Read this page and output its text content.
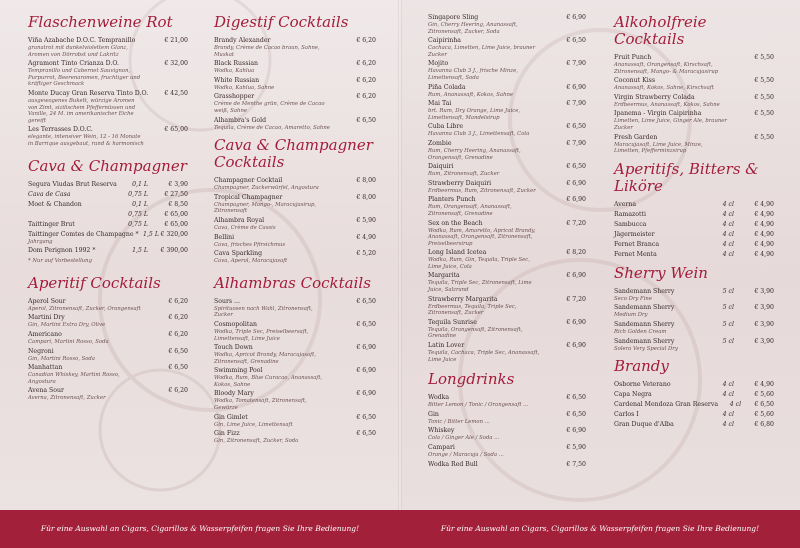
Flaschenweine Rot
Viña Azabache D.O.C. Tempranillo	€ 21,00
granatrot mit dunkelviolettem Glanz, Aromen von Dörrobst und Lakritz
Agramont Tinto Crianza D.O.	€ 32,00
Tempranillo und Cabernet Sauvignon, Purpurrot, Beerenaromen, fruchtiger und kräftiger Geschmack
Monte Ducay Gran Reserva Tinto D.O.	€ 42,50
ausgewogenes Bukett, würzige Aromen von Zimt, sizilischem Pfeffernüssen und Vanille, 24 M. im amerikanischer Eiche gereift
Les Terrasses D.O.C.	€ 65,00
elegante, intensiver Wein, 12 - 16 Monate in Barrique ausgebaut, rund & harmonisch
Cava & Champagner
Segura Viudas Brut Reserva	0,1 L	€ 3,90
Cava de Casa	0,75 L	€ 27,50
Moet & Chandon	0,1 L	€ 8,50
0,75 L	€ 65,00
Taittinger Brut	0,75 L	€ 65,00
Taittinger Comtes de Champagne * 1,5 L € 320,00
Jahrgang
Dom Perignon 1992 *	1,5 L	€ 390,00
* Nur auf Vorbestellung
Aperitif Cocktails
Aperol Sour	€ 6,20
Aperol, Zitronensaft, Zucker, Orangensaft
Martini Dry	€ 6,20
Gin, Martini Extra Dry, Olive
Americano	€ 6,20
Campari, Martini Rosso, Soda
Negroni	€ 6,50
Gin, Martini Rosso, Soda
Manhattan	€ 6,50
Canadian Whiskey, Martini Rosso, Angostura
Avena Sour	€ 6,20
Averna, Zitronensaft, Zucker
Digestif Cocktails
Brandy Alexander	€ 6,20
Brandy, Crème de Cacao braun, Sahne, Muskat
Black Russian	€ 6,20
Wodka, Kahlua
White Russian	€ 6,20
Wodka, Kahlua, Sahne
Grasshopper	€ 6,20
Crème de Menthe grün, Crème de Cacao weiß, Sahne
Alhambra's Gold	€ 6,50
Tequila, Crème de Cacao, Amaretto, Sahne
Cava & Champagner Cocktails
Champagner Cocktail	€ 8,00
Champagner, Zuckerwürfel, Angostura
Tropical Champagner	€ 8,00
Champagner, Mango-, Maracujasirup, Zitronensaft
Alhambra Royal	€ 5,90
Cava, Crème de Cassis
Bellini	€ 4,90
Cava, frisches Pfirsichmus
Cava Sparkling	€ 5,20
Cava, Aperol, Maracujasaft
Alhambras Cocktails
Sours ...	€ 6,50
Spirituosen nach Wahl, Zitronensaft, Zucker
Cosmopolitan	€ 6,50
Wodka, Triple Sec, Preiselbeersaft, Limettensaft, Lime Juice
Touch Down	€ 6,90
Wodka, Apricot Brandy, Maracujasaft, Zitronensaft, Grenadine
Swimming Pool	€ 6,90
Wodka, Rum, Blue Curacao, Ananassaft, Kokos, Sahne
Bloody Mary	€ 6,90
Wodka, Tomatensaft, Zitronensaft, Gewürze
Gin Gimlet	€ 6,50
Gin, Lime Juice, Limettensaft
Gin Fizz	€ 6,50
Gin, Zitronensaft, Zucker, Soda
Singapore Sling	€ 6,90
Gin, Cherry Heering, Ananassaft, Zitronensaft, Zucker, Soda
Caipirinha	€ 6,50
Cachaca, Limetten, Lime Juice, brauner Zucker
Mojito	€ 7,90
Havanna Club 3 J., frische Minze, Limettensaft, Soda
Piña Colada	€ 6,90
Rum, Ananassaft, Kokos, Sahne
Mai Tai	€ 7,90
brt. Rum, Dry Orange, Lime Juice, Limettensaft, Mandelsirup
Cuba Libre	€ 6,50
Havanna Club 3 J., Limettensaft, Cola
Zombie	€ 7,90
Rum, Cherry Heering, Ananassaft, Orangensaft, Grenadine
Daiquiri	€ 6,50
Rum, Zitronensaft, Zucker
Strawberry Daiquiri	€ 6,90
Erdbeermus, Rum, Zitronensaft, Zucker
Planters Punch	€ 6,90
Rum, Orangensaft, Ananassaft, Zitronensaft, Grenadine
Sex on the Beach	€ 7,20
Wodka, Rum, Amaretto, Apricot Brandy, Ananassaft, Orangensaft, Zitronensaft, Preiselbeersirup
Long Island Icetea	€ 8,20
Wodka, Rum, Gin, Tequila, Triple Sec, Lime Juice, Cola
Margarita	€ 6,90
Tequila, Triple Sec, Zitronensaft, Lime Juice, Salzrand
Strawberry Margarita	€ 7,20
Erdbeermus, Tequila, Triple Sec, Zitronensaft, Zucker
Tequila Sunrise	€ 6,90
Tequila, Orangensaft, Zitronensaft, Grenadine
Latin Lover	€ 6,90
Tequila, Cachaca, Triple Sec, Ananassaft, Lime Juice
Longdrinks
Wodka	€ 6,50
Bitter Lemon / Tonic / Orangensaft ...
Gin	€ 6,50
Tonic / Bitter Lemon ...
Whiskey	€ 6,90
Cola / Ginger Ale / Soda ...
Campari	€ 5,90
Orange / Maracuja / Soda ...
Wodka Red Bull	€ 7,50
Alkoholfreie Cocktails
Fruit Punch	€ 5,50
Ananassaft, Orangensaft, Kirschsaft, Zitronensaft, Mango- & Maracujasirup
Coconut Kiss	€ 5,50
Ananassaft, Kokos, Sahne, Kirschsaft
Virgin Strawberry Colada	€ 5,50
Erdbeermus, Ananassaft, Kokos, Sahne
Ipanema - Virgin Caipirinha	€ 5,50
Limetten, Lime Juice, Ginger Ale, brauner Zucker
Fresh Garden	€ 5,50
Maracujasaft, Lime Juice, Minze, Limetten, Pfefferminzsirup
Aperitifs, Bitters & Liköre
Averna	4 cl	€ 4,90
Ramazotti	4 cl	€ 4,90
Sambucca	4 cl	€ 4,90
Jägermeister	4 cl	€ 4,90
Fernet Branca	4 cl	€ 4,90
Fernet Menta	4 cl	€ 4,90
Sherry Wein
Sandemann Sherry	5 cl	€ 3,90
Seco Dry Fine
Sandemann Sherry	5 cl	€ 3,90
Medium Dry
Sandemann Sherry	5 cl	€ 3,90
Rich Golden Cream
Sandemann Sherry	5 cl	€ 3,90
Solera Very Special Dry
Brandy
Osborne Veterano	4 cl	€ 4,90
Capa Negra	4 cl	€ 5,60
Cardenal Mendoza Gran Reserva	4 cl	€ 6,50
Carlos I	4 cl	€ 5,60
Gran Duque d'Alba	4 cl	€ 6,80
Für eine Auswahl an Cigars, Cigarillos & Wasserpfeifen fragen Sie Ihre Bedienung!	Für eine Auswahl an Cigars, Cigarillos & Wasserpfeifen fragen Sie Ihre Bedienung!
